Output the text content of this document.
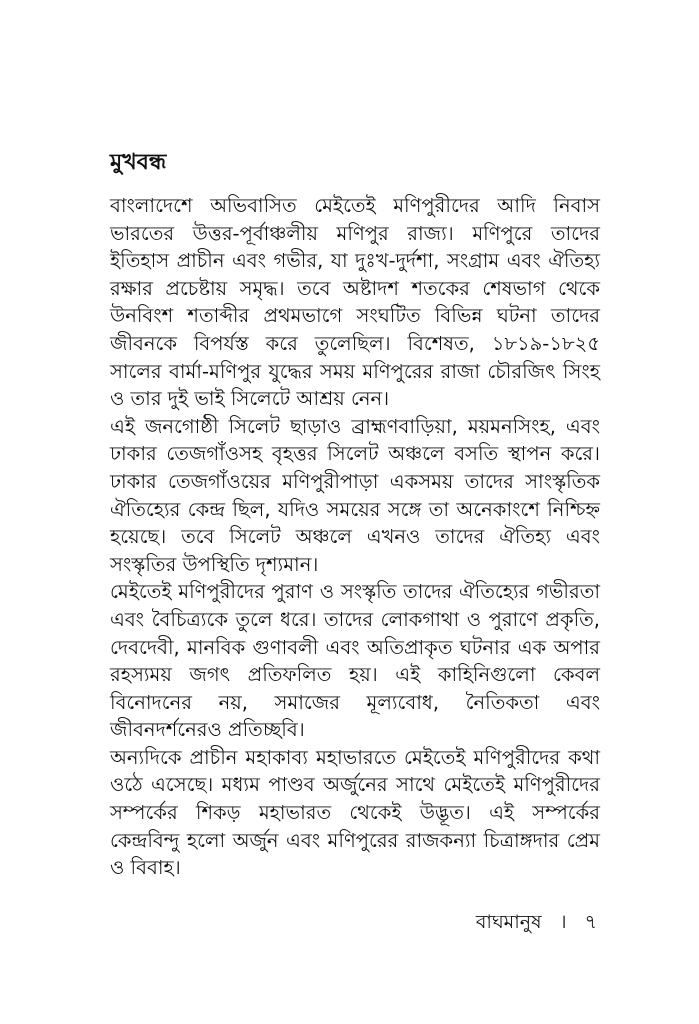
মুখবন্ধ

বাংলাদেশে অভিবাসিত মেইতেই মণিপুরীদের আদি নিবাস ভারতের উত্তর-পূর্বাঞ্চলীয় মণিপুর রাজ্য। মণিপুরে তাদের ইতিহাস প্রাচীন এবং গভীর, যা দুঃখ-দুর্দশা, সংগ্রাম এবং ঐতিহ্য রক্ষার প্রচেষ্টায় সমৃদ্ধ। তবে অষ্টাদশ শতকের শেষভাগ থেকে উনবিংশ শতাব্দীর প্রথমভাগে সংঘটিত বিভিন্ন ঘটনা তাদের জীবনকে বিপর্যস্ত করে তুলেছিল। বিশেষত, ১৮১৯-১৮২৫ সালের বার্মা-মণিপুর যুদ্ধের সময় মণিপুরের রাজা চৌরজিৎ সিংহ ও তার দুই ভাই সিলেটে আশ্রয় নেন।

এই জনগোষ্ঠী সিলেট ছাড়াও ব্রাহ্মণবাড়িয়া, ময়মনসিংহ, এবং ঢাকার তেজগাঁওসহ বৃহত্তর সিলেট অঞ্চলে বসতি স্থাপন করে। ঢাকার তেজগাঁওয়ের মণিপুরীপাড়া একসময় তাদের সাংস্কৃতিক ঐতিহ্যের কেন্দ্র ছিল, যদিও সময়ের সঙ্গে তা অনেকাংশে নিশ্চিহ্ন হয়েছে। তবে সিলেট অঞ্চলে এখনও তাদের ঐতিহ্য এবং সংস্কৃতির উপস্থিতি দৃশ্যমান।

মেইতেই মণিপুরীদের পুরাণ ও সংস্কৃতি তাদের ঐতিহ্যের গভীরতা এবং বৈচিত্র্যকে তুলে ধরে। তাদের লোকগাথা ও পুরাণে প্রকৃতি, দেবদেবী, মানবিক গুণাবলী এবং অতিপ্রাকৃত ঘটনার এক অপার রহস্যময় জগৎ প্রতিফলিত হয়। এই কাহিনিগুলো কেবল বিনোদনের নয়, সমাজের মূল্যবোধ, নৈতিকতা এবং জীবনদর্শনেরও প্রতিচ্ছবি।

অন্যদিকে প্রাচীন মহাকাব্য মহাভারতে মেইতেই মণিপুরীদের কথা ওঠে এসেছে। মধ্যম পাণ্ডব অর্জুনের সাথে মেইতেই মণিপুরীদের সম্পর্কের শিকড় মহাভারত থেকেই উদ্ভূত। এই সম্পর্কের কেন্দ্রবিন্দু হলো অর্জুন এবং মণিপুরের রাজকন্যা চিত্রাঙ্গদার প্রেম ও বিবাহ।

বাঘমানুষ । ৭
